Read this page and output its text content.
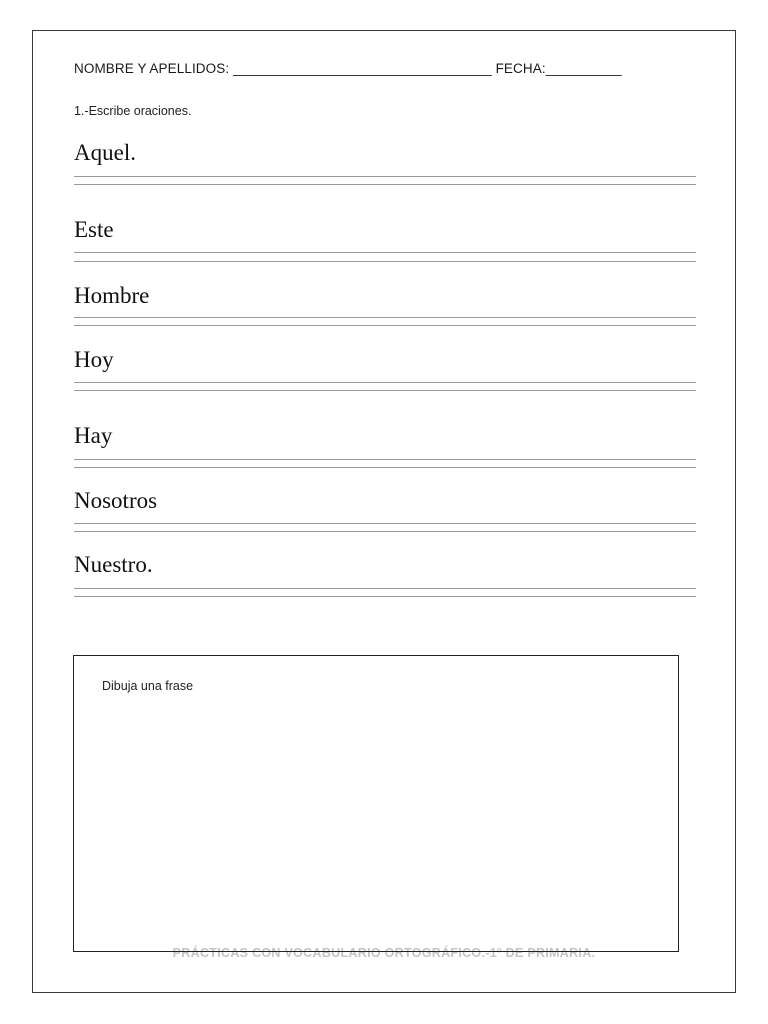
NOMBRE Y APELLIDOS: __________________________________ FECHA:__________
1.-Escribe oraciones.
Aquel.
Este
Hombre
Hoy
Hay
Nosotros
Nuestro.
PRÁCTICAS CON VOCABULARIO ORTOGRÁFICO.-1º DE PRIMARIA.
Dibuja una frase
